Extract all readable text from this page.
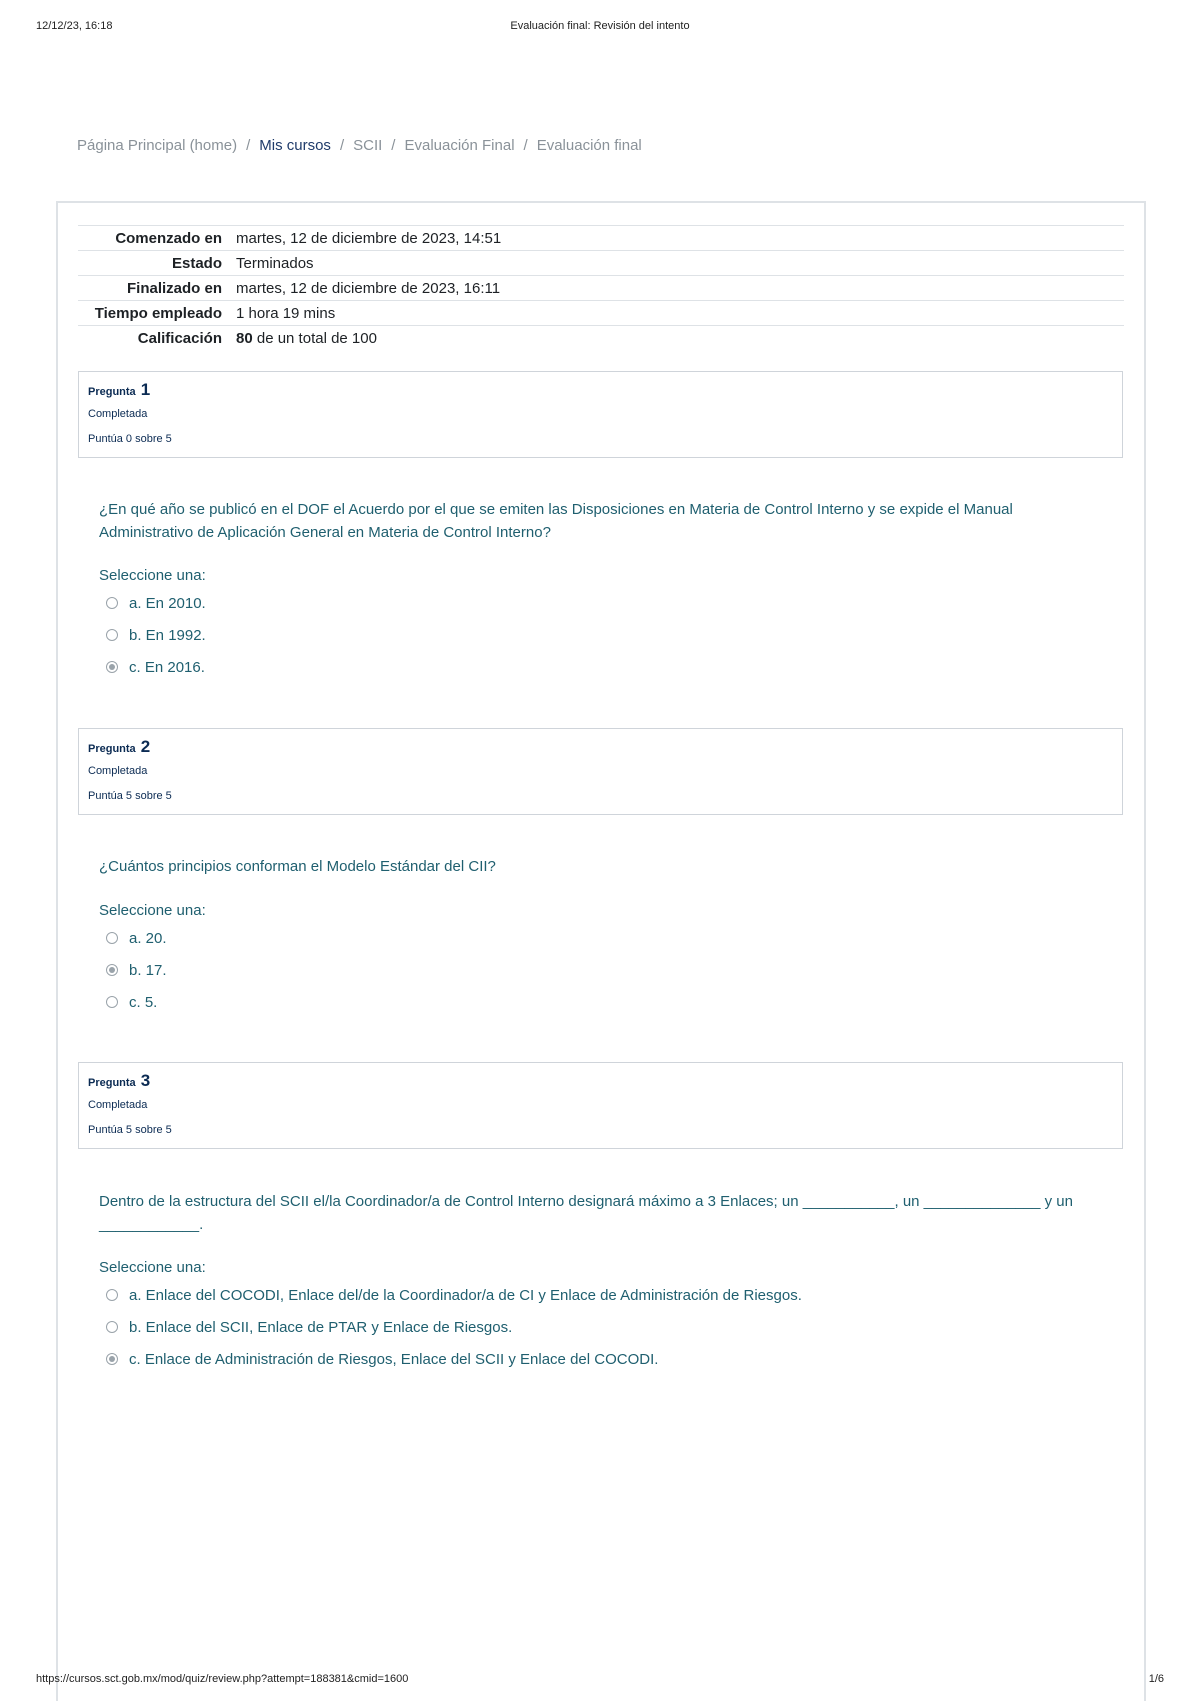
12/12/23, 16:18	Evaluación final: Revisión del intento
Página Principal (home) / Mis cursos / SCII / Evaluación Final / Evaluación final
Comenzado en	martes, 12 de diciembre de 2023, 14:51
Estado	Terminados
Finalizado en	martes, 12 de diciembre de 2023, 16:11
Tiempo empleado	1 hora 19 mins
Calificación	80 de un total de 100
Pregunta 1
Completada
Puntúa 0 sobre 5
¿En qué año se publicó en el DOF el Acuerdo por el que se emiten las Disposiciones en Materia de Control Interno y se expide el Manual Administrativo de Aplicación General en Materia de Control Interno?
Seleccione una:
a. En 2010.
b. En 1992.
c. En 2016.
Pregunta 2
Completada
Puntúa 5 sobre 5
¿Cuántos principios conforman el Modelo Estándar del CII?
Seleccione una:
a. 20.
b. 17.
c. 5.
Pregunta 3
Completada
Puntúa 5 sobre 5
Dentro de la estructura del SCII el/la Coordinador/a de Control Interno designará máximo a 3 Enlaces; un ___________, un ______________ y un ____________.
Seleccione una:
a. Enlace del COCODI, Enlace del/de la Coordinador/a de CI y Enlace de Administración de Riesgos.
b. Enlace del SCII, Enlace de PTAR y Enlace de Riesgos.
c. Enlace de Administración de Riesgos, Enlace del SCII y Enlace del COCODI.
https://cursos.sct.gob.mx/mod/quiz/review.php?attempt=188381&cmid=1600	1/6
